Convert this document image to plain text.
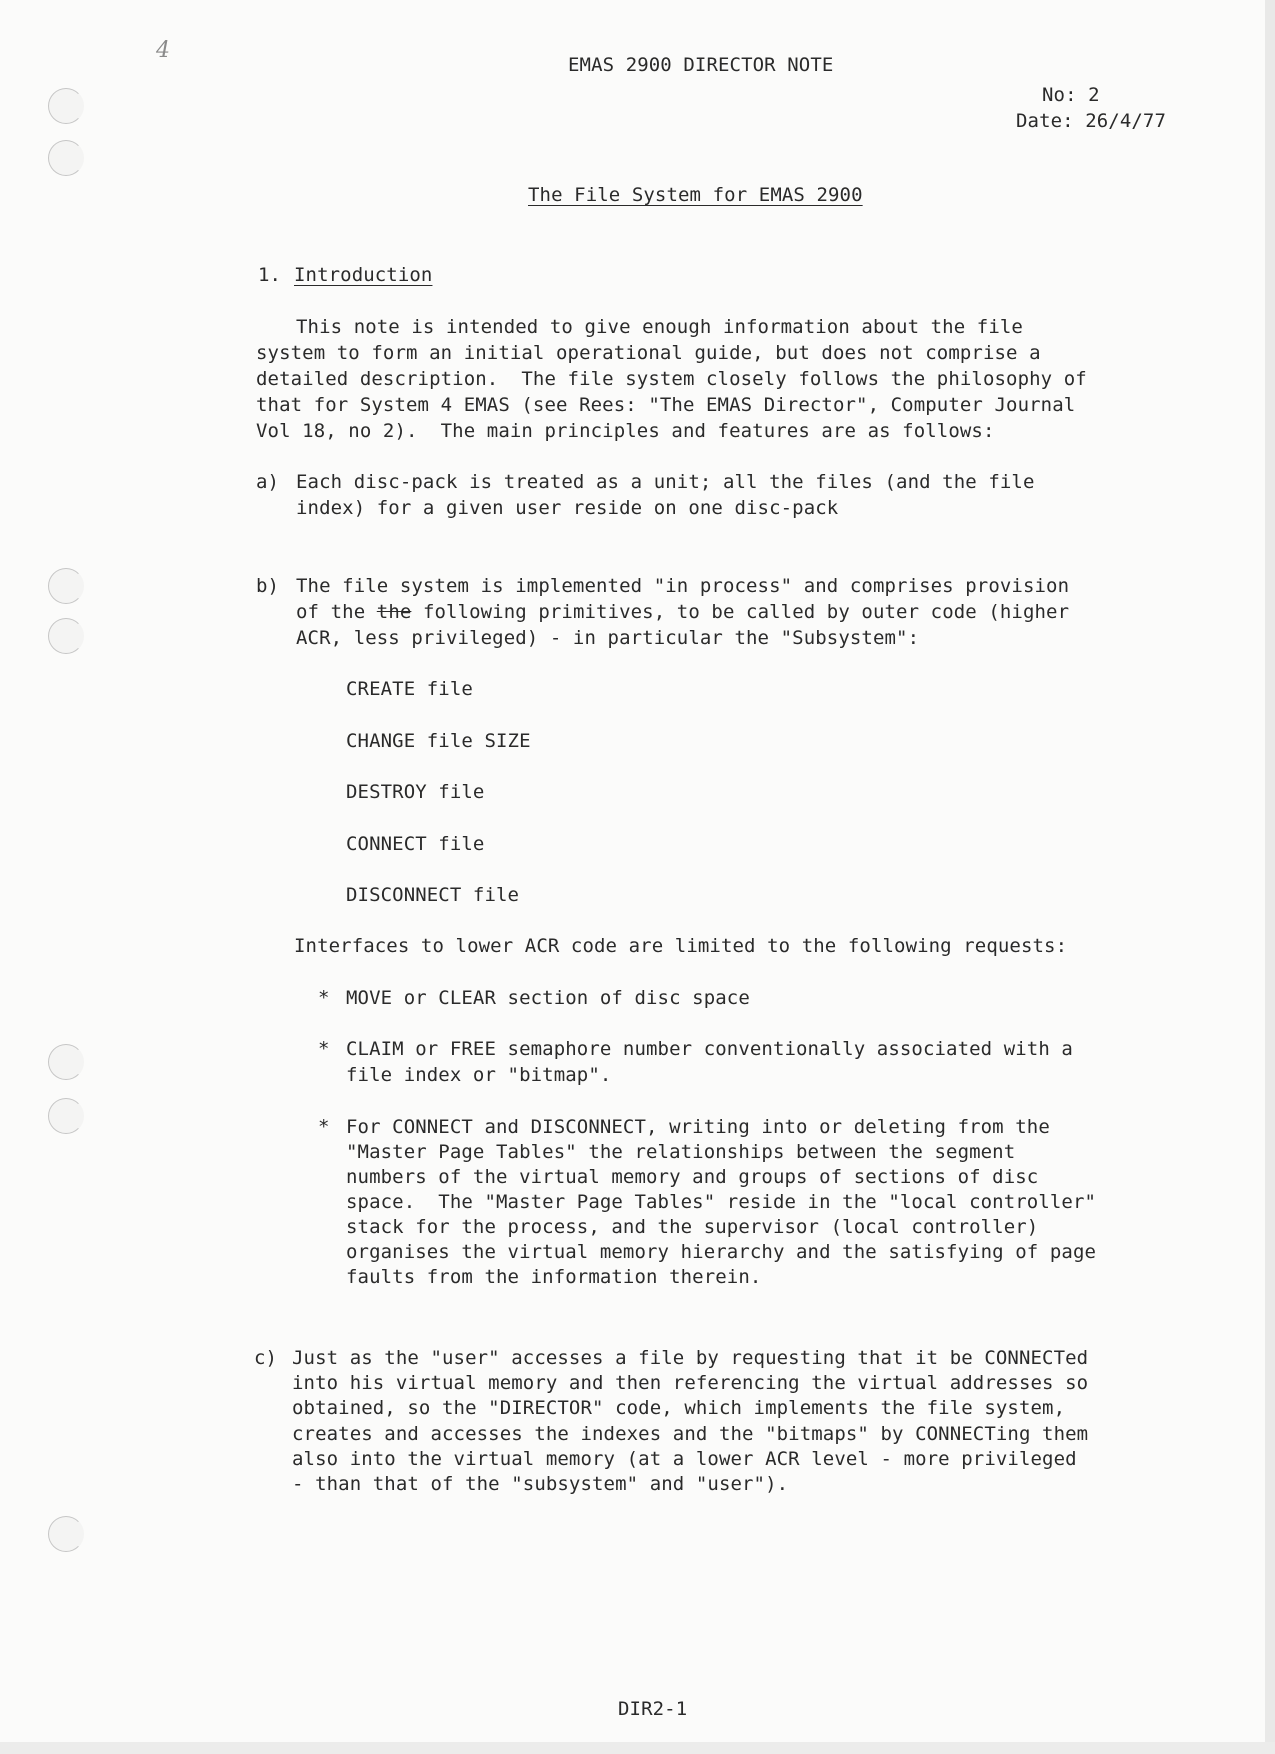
4
EMAS 2900 DIRECTOR NOTE
No: 2
Date: 26/4/77
The File System for EMAS 2900
1. Introduction
This note is intended to give enough information about the file
system to form an initial operational guide, but does not comprise a
detailed description.  The file system closely follows the philosophy of
that for System 4 EMAS (see Rees: "The EMAS Director", Computer Journal
Vol 18, no 2).  The main principles and features are as follows:
a) Each disc-pack is treated as a unit; all the files (and the file
index) for a given user reside on one disc-pack
b) The file system is implemented "in process" and comprises provision
of the the following primitives, to be called by outer code (higher
ACR, less privileged) - in particular the "Subsystem":
CREATE file
CHANGE file SIZE
DESTROY file
CONNECT file
DISCONNECT file
Interfaces to lower ACR code are limited to the following requests:
* MOVE or CLEAR section of disc space
* CLAIM or FREE semaphore number conventionally associated with a
file index or "bitmap".
* For CONNECT and DISCONNECT, writing into or deleting from the
"Master Page Tables" the relationships between the segment
numbers of the virtual memory and groups of sections of disc
space.  The "Master Page Tables" reside in the "local controller"
stack for the process, and the supervisor (local controller)
organises the virtual memory hierarchy and the satisfying of page
faults from the information therein.
c) Just as the "user" accesses a file by requesting that it be CONNECTed
into his virtual memory and then referencing the virtual addresses so
obtained, so the "DIRECTOR" code, which implements the file system,
creates and accesses the indexes and the "bitmaps" by CONNECTing them
also into the virtual memory (at a lower ACR level - more privileged
- than that of the "subsystem" and "user").
DIR2-1
